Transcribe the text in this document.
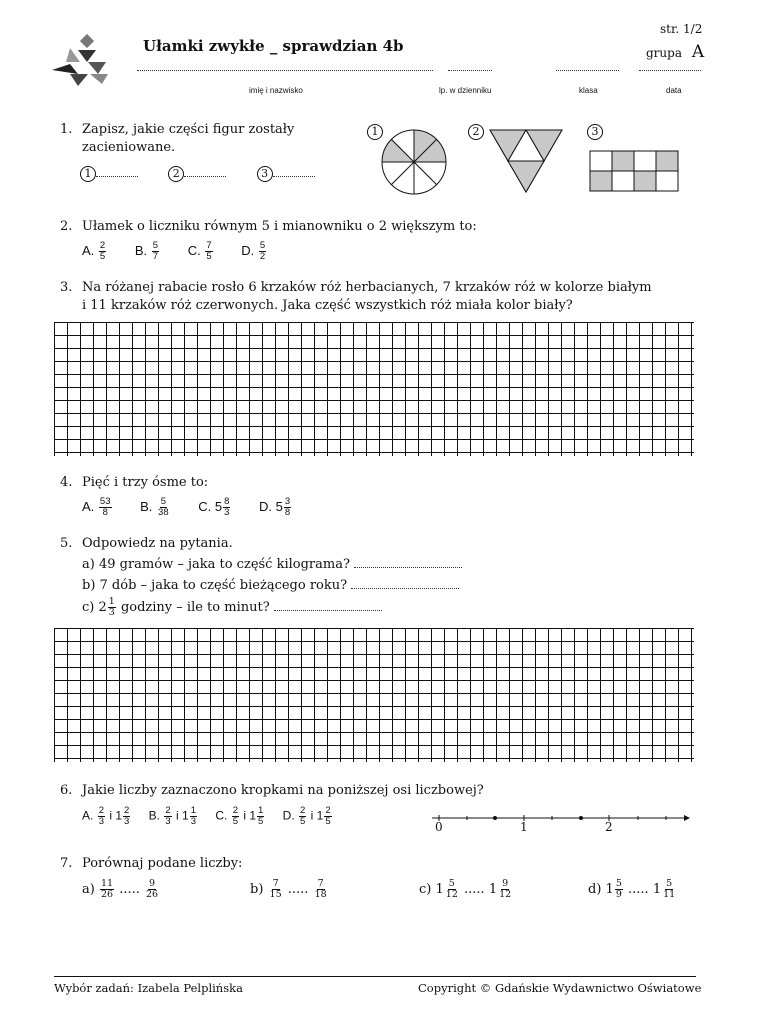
Ułamki zwykłe _ sprawdzian 4b
str. 1/2
grupa A
imię i nazwisko	lp. w dzienniku	klasa	data
1. Zapisz, jakie części figur zostały
zacieniowane.
1	2	3
1	2	3
2. Ułamek o liczniku równym 5 i mianowniku o 2 większym to:
A. $\frac{2}{5} B$. $\frac{5}{7} C$. $\frac{7}{5} D$. $\frac{5}{2}$
3. Na różanej rabacie rosło 6 krzaków róż herbacianych, 7 krzaków róż w kolorze białym
i 11 krzaków róż czerwonych. Jaka część wszystkich róż miała kolor biały?
4. Pięć i trzy ósme to:
A. $\frac{53}{8} B$. $\frac{5}{38} C$. $5 \frac{8}{3} D$. $5 \frac{3}{8}$
5. Odpowiedz na pytania.
a) 49 gramów – jaka to część kilograma?
b) 7 dób – jaka to część bieżącego roku?
c) $2 \frac{1}{3}$ godziny – ile to minut?
6. Jakie liczby zaznaczono kropkami na poniższej osi liczbowej?
A. $\frac{2}{3}$ i $1 \frac{2}{3} B$. $\frac{2}{3}$ i $1 \frac{1}{3} C$. $\frac{2}{5}$ i $1 \frac{1}{5} D$. $\frac{2}{5}$ i $1 \frac{2}{5}$	0	1	2
7. Porównaj podane liczby:
$a) \frac{11}{26}$ ..... $\frac{9}{26}$	$b) \frac{7}{15}$ ..... $\frac{7}{18}$	c) $1 \frac{5}{12}$ ..... $1 \frac{9}{12}$	d) $1 \frac{5}{9}$ ..... $1 \frac{5}{11}$
Wybór zadań: Izabela Pelplińska	Copyright © Gdańskie Wydawnictwo Oświatowe
